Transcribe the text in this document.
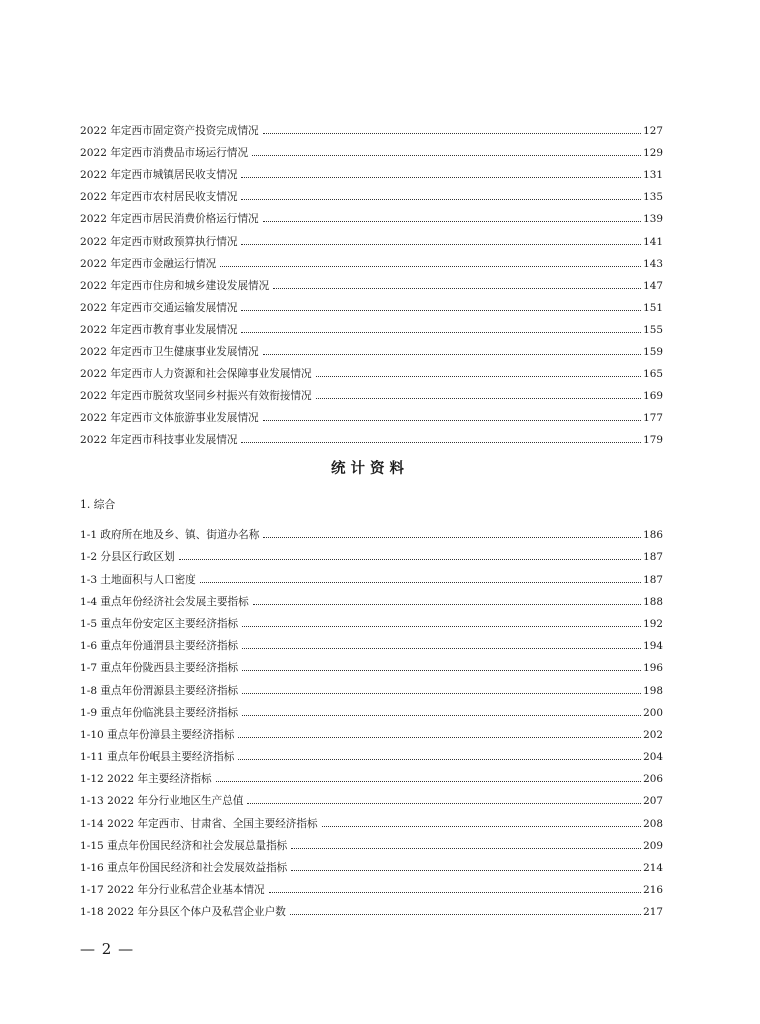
2022 年定西市固定资产投资完成情况	127
2022 年定西市消费品市场运行情况	129
2022 年定西市城镇居民收支情况	131
2022 年定西市农村居民收支情况	135
2022 年定西市居民消费价格运行情况	139
2022 年定西市财政预算执行情况	141
2022 年定西市金融运行情况	143
2022 年定西市住房和城乡建设发展情况	147
2022 年定西市交通运输发展情况	151
2022 年定西市教育事业发展情况	155
2022 年定西市卫生健康事业发展情况	159
2022 年定西市人力资源和社会保障事业发展情况	165
2022 年定西市脱贫攻坚同乡村振兴有效衔接情况	169
2022 年定西市文体旅游事业发展情况	177
2022 年定西市科技事业发展情况	179
统计资料
1. 综合
1-1 政府所在地及乡、镇、街道办名称	186
1-2 分县区行政区划	187
1-3 土地面积与人口密度	187
1-4 重点年份经济社会发展主要指标	188
1-5 重点年份安定区主要经济指标	192
1-6 重点年份通渭县主要经济指标	194
1-7 重点年份陇西县主要经济指标	196
1-8 重点年份渭源县主要经济指标	198
1-9 重点年份临洮县主要经济指标	200
1-10 重点年份漳县主要经济指标	202
1-11 重点年份岷县主要经济指标	204
1-12 2022 年主要经济指标	206
1-13 2022 年分行业地区生产总值	207
1-14 2022 年定西市、甘肃省、全国主要经济指标	208
1-15 重点年份国民经济和社会发展总量指标	209
1-16 重点年份国民经济和社会发展效益指标	214
1-17 2022 年分行业私营企业基本情况	216
1-18 2022 年分县区个体户及私营企业户数	217
— 2 —
